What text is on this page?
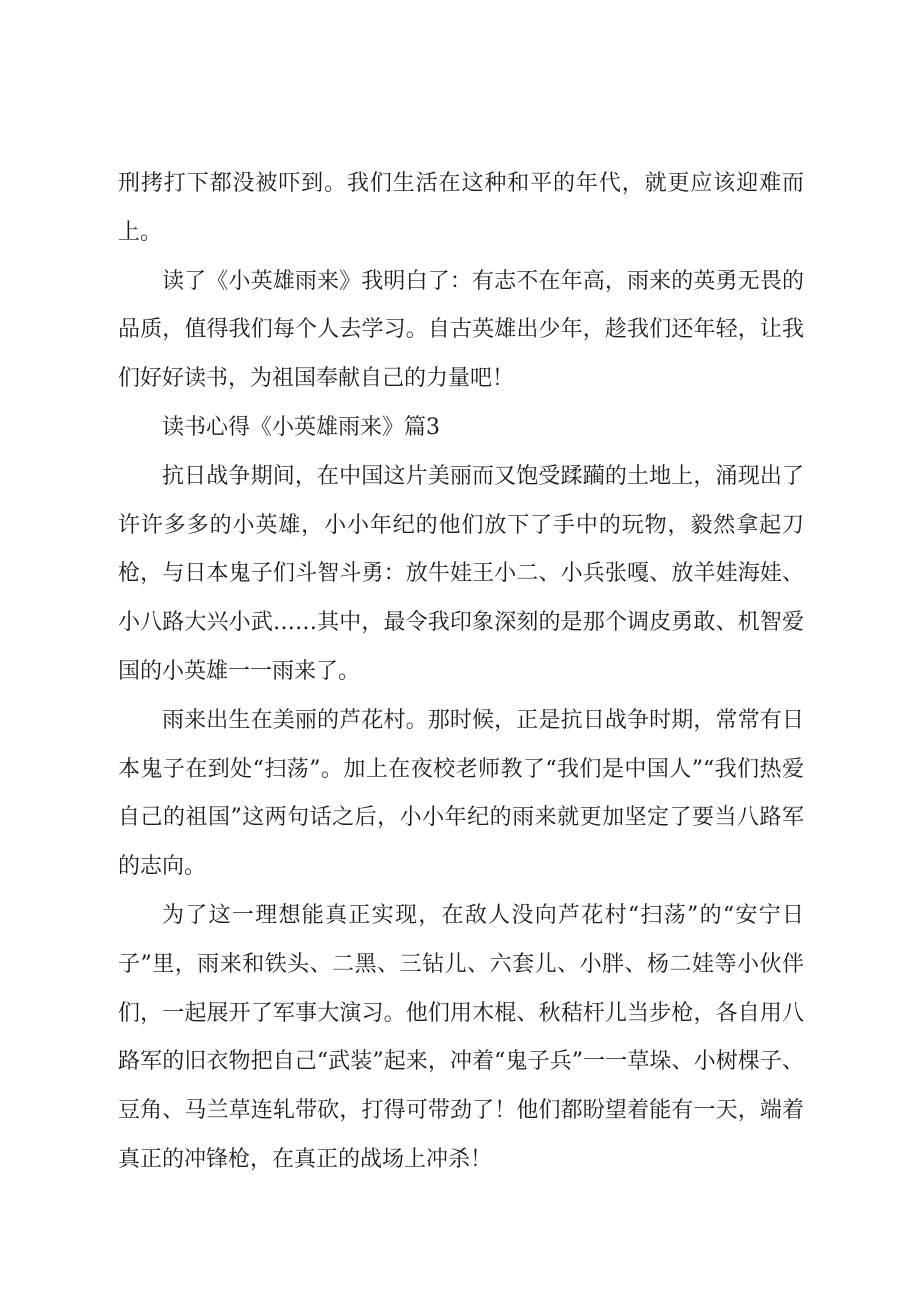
刑拷打下都没被吓到。我们生活在这种和平的年代，就更应该迎难而上。

读了《小英雄雨来》我明白了：有志不在年高，雨来的英勇无畏的品质，值得我们每个人去学习。自古英雄出少年，趁我们还年轻，让我们好好读书，为祖国奉献自己的力量吧！

读书心得《小英雄雨来》篇3

抗日战争期间，在中国这片美丽而又饱受蹂躏的土地上，涌现出了许许多多的小英雄，小小年纪的他们放下了手中的玩物，毅然拿起刀枪，与日本鬼子们斗智斗勇：放牛娃王小二、小兵张嘎、放羊娃海娃、小八路大兴小武……其中，最令我印象深刻的是那个调皮勇敢、机智爱国的小英雄一一雨来了。

雨来出生在美丽的芦花村。那时候，正是抗日战争时期，常常有日本鬼子在到处“扫荡”。加上在夜校老师教了“我们是中国人”“我们热爱自己的祖国”这两句话之后，小小年纪的雨来就更加坚定了要当八路军的志向。

为了这一理想能真正实现，在敌人没向芦花村“扫荡”的“安宁日子”里，雨来和铁头、二黑、三钻儿、六套儿、小胖、杨二娃等小伙伴们，一起展开了军事大演习。他们用木棍、秋秸杆儿当步枪，各自用八路军的旧衣物把自己“武装”起来，冲着“鬼子兵”一一草垛、小树棵子、豆角、马兰草连轧带砍，打得可带劲了！他们都盼望着能有一天，端着真正的冲锋枪，在真正的战场上冲杀！
